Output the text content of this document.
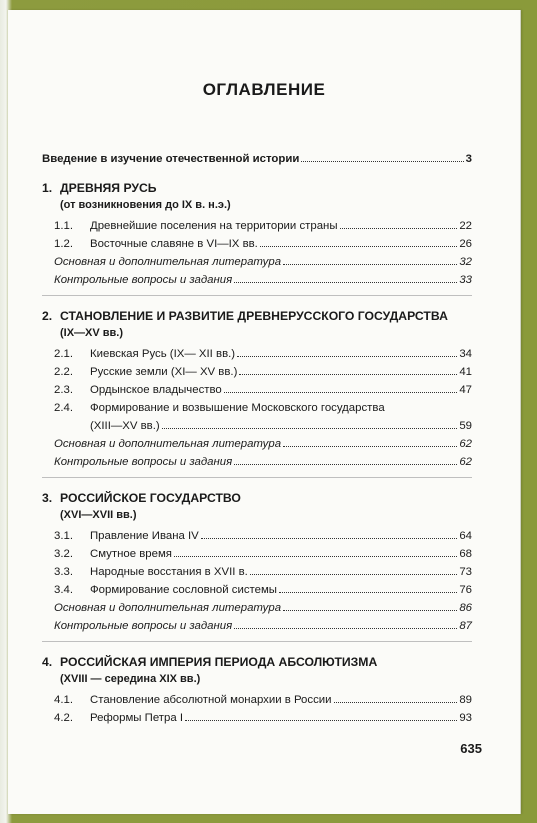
ОГЛАВЛЕНИЕ
Введение в изучение отечественной истории	3
1. ДРЕВНЯЯ РУСЬ
(от возникновения до IX в. н.э.)
1.1.	Древнейшие поселения на территории страны	22
1.2.	Восточные славяне в VI—IX вв.	26
Основная и дополнительная литература	32
Контрольные вопросы и задания	33
2. СТАНОВЛЕНИЕ И РАЗВИТИЕ ДРЕВНЕРУССКОГО ГОСУДАРСТВА
(IX—XV вв.)
2.1.	Киевская Русь (IX— XII вв.)	34
2.2.	Русские земли (XI— XV вв.)	41
2.3.	Ордынское владычество	47
2.4.	Формирование и возвышение Московского государства
(XIII—XV вв.)	59
Основная и дополнительная литература	62
Контрольные вопросы и задания	62
3. РОССИЙСКОЕ ГОСУДАРСТВО
(XVI—XVII вв.)
3.1.	Правление Ивана IV	64
3.2.	Смутное время	68
3.3.	Народные восстания в XVII в.	73
3.4.	Формирование сословной системы	76
Основная и дополнительная литература	86
Контрольные вопросы и задания	87
4. РОССИЙСКАЯ ИМПЕРИЯ ПЕРИОДА АБСОЛЮТИЗМА
(XVIII — середина XIX вв.)
4.1.	Становление абсолютной монархии в России	89
4.2.	Реформы Петра I	93
635
